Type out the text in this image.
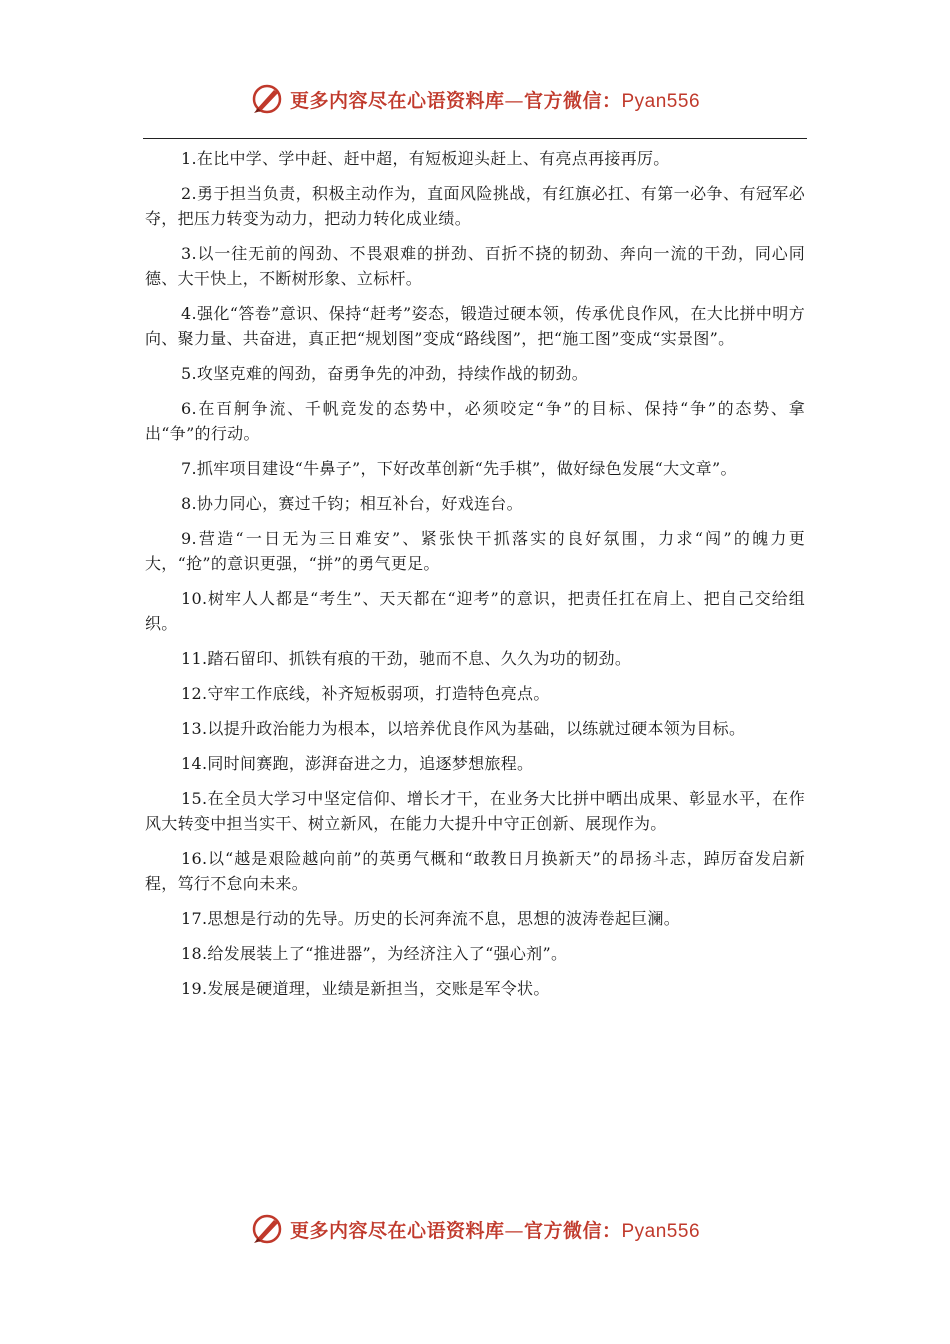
更多内容尽在心语资料库—官方微信：Pyan556

1.在比中学、学中赶、赶中超，有短板迎头赶上、有亮点再接再厉。

2.勇于担当负责，积极主动作为，直面风险挑战，有红旗必扛、有第一必争、有冠军必夺，把压力转变为动力，把动力转化成业绩。

3.以一往无前的闯劲、不畏艰难的拼劲、百折不挠的韧劲、奔向一流的干劲，同心同德、大干快上，不断树形象、立标杆。

4.强化“答卷”意识、保持“赶考”姿态，锻造过硬本领，传承优良作风，在大比拼中明方向、聚力量、共奋进，真正把“规划图”变成“路线图”，把“施工图”变成“实景图”。

5.攻坚克难的闯劲，奋勇争先的冲劲，持续作战的韧劲。

6.在百舸争流、千帆竞发的态势中，必须咬定“争”的目标、保持“争”的态势、拿出“争”的行动。

7.抓牢项目建设“牛鼻子”，下好改革创新“先手棋”，做好绿色发展“大文章”。

8.协力同心，赛过千钧；相互补台，好戏连台。

9.营造“一日无为三日难安”、紧张快干抓落实的良好氛围，力求“闯”的魄力更大，“抢”的意识更强，“拼”的勇气更足。

10.树牢人人都是“考生”、天天都在“迎考”的意识，把责任扛在肩上、把自己交给组织。

11.踏石留印、抓铁有痕的干劲，驰而不息、久久为功的韧劲。

12.守牢工作底线，补齐短板弱项，打造特色亮点。

13.以提升政治能力为根本，以培养优良作风为基础，以练就过硬本领为目标。

14.同时间赛跑，澎湃奋进之力，追逐梦想旅程。

15.在全员大学习中坚定信仰、增长才干，在业务大比拼中晒出成果、彰显水平，在作风大转变中担当实干、树立新风，在能力大提升中守正创新、展现作为。

16.以“越是艰险越向前”的英勇气概和“敢教日月换新天”的昂扬斗志，踔厉奋发启新程，笃行不怠向未来。

17.思想是行动的先导。历史的长河奔流不息，思想的波涛卷起巨澜。

18.给发展装上了“推进器”，为经济注入了“强心剂”。

19.发展是硬道理，业绩是新担当，交账是军令状。

更多内容尽在心语资料库—官方微信：Pyan556
